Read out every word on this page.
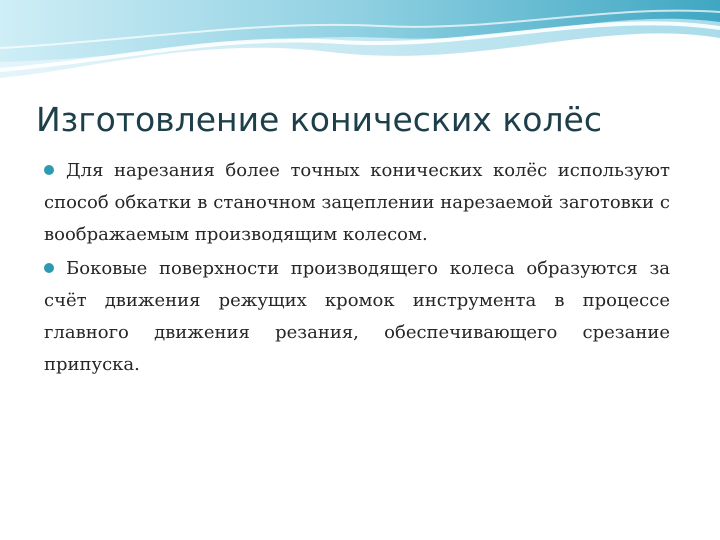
Изготовление конических колёс
Для нарезания более точных конических колёс используют способ обкатки в станочном зацеплении нарезаемой заготовки с воображаемым производящим колесом.
Боковые поверхности производящего колеса образуются за счёт движения режущих кромок инструмента в процессе главного движения резания, обеспечивающего срезание припуска.
